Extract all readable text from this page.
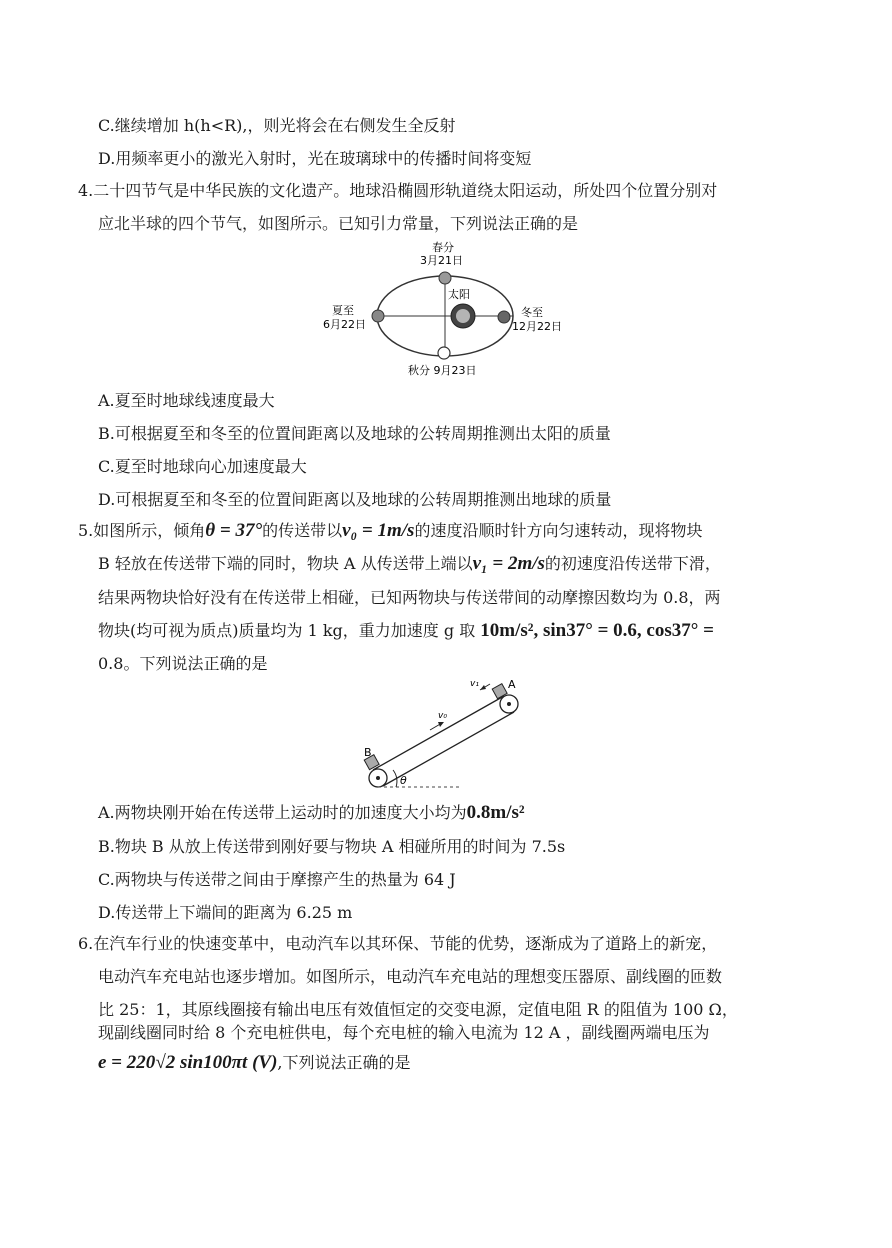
C.继续增加 h(h<R),，则光将会在右侧发生全反射
D.用频率更小的激光入射时，光在玻璃球中的传播时间将变短
4.二十四节气是中华民族的文化遗产。地球沿椭圆形轨道绕太阳运动，所处四个位置分别对
应北半球的四个节气，如图所示。已知引力常量，下列说法正确的是
春分
3月21日
太阳
夏至
6月22日
冬至
12月22日
秋分 9月23日
A.夏至时地球线速度最大
B.可根据夏至和冬至的位置间距离以及地球的公转周期推测出太阳的质量
C.夏至时地球向心加速度最大
D.可根据夏至和冬至的位置间距离以及地球的公转周期推测出地球的质量
5.如图所示，倾角θ = 37°的传送带以v₀ = 1m/s的速度沿顺时针方向匀速转动，现将物块
B 轻放在传送带下端的同时，物块 A 从传送带上端以v₁ = 2m/s的初速度沿传送带下滑，
结果两物块恰好没有在传送带上相碰，已知两物块与传送带间的动摩擦因数均为 0.8，两
物块(均可视为质点)质量均为 1 kg，重力加速度 g 取 10m/s², sin37° = 0.6, cos37° =
0.8。下列说法正确的是
θ
B
A
v₁
v₀
A.两物块刚开始在传送带上运动时的加速度大小均为0.8m/s²
B.物块 B 从放上传送带到刚好要与物块 A 相碰所用的时间为 7.5s
C.两物块与传送带之间由于摩擦产生的热量为 64 J
D.传送带上下端间的距离为 6.25 m
6.在汽车行业的快速变革中，电动汽车以其环保、节能的优势，逐渐成为了道路上的新宠，
电动汽车充电站也逐步增加。如图所示，电动汽车充电站的理想变压器原、副线圈的匝数
比 25：1，其原线圈接有输出电压有效值恒定的交变电源，定值电阻 R 的阻值为 100 Ω，
现副线圈同时给 8 个充电桩供电，每个充电桩的输入电流为 12 A ，副线圈两端电压为
e = 220√2 sin100πt (V),下列说法正确的是
